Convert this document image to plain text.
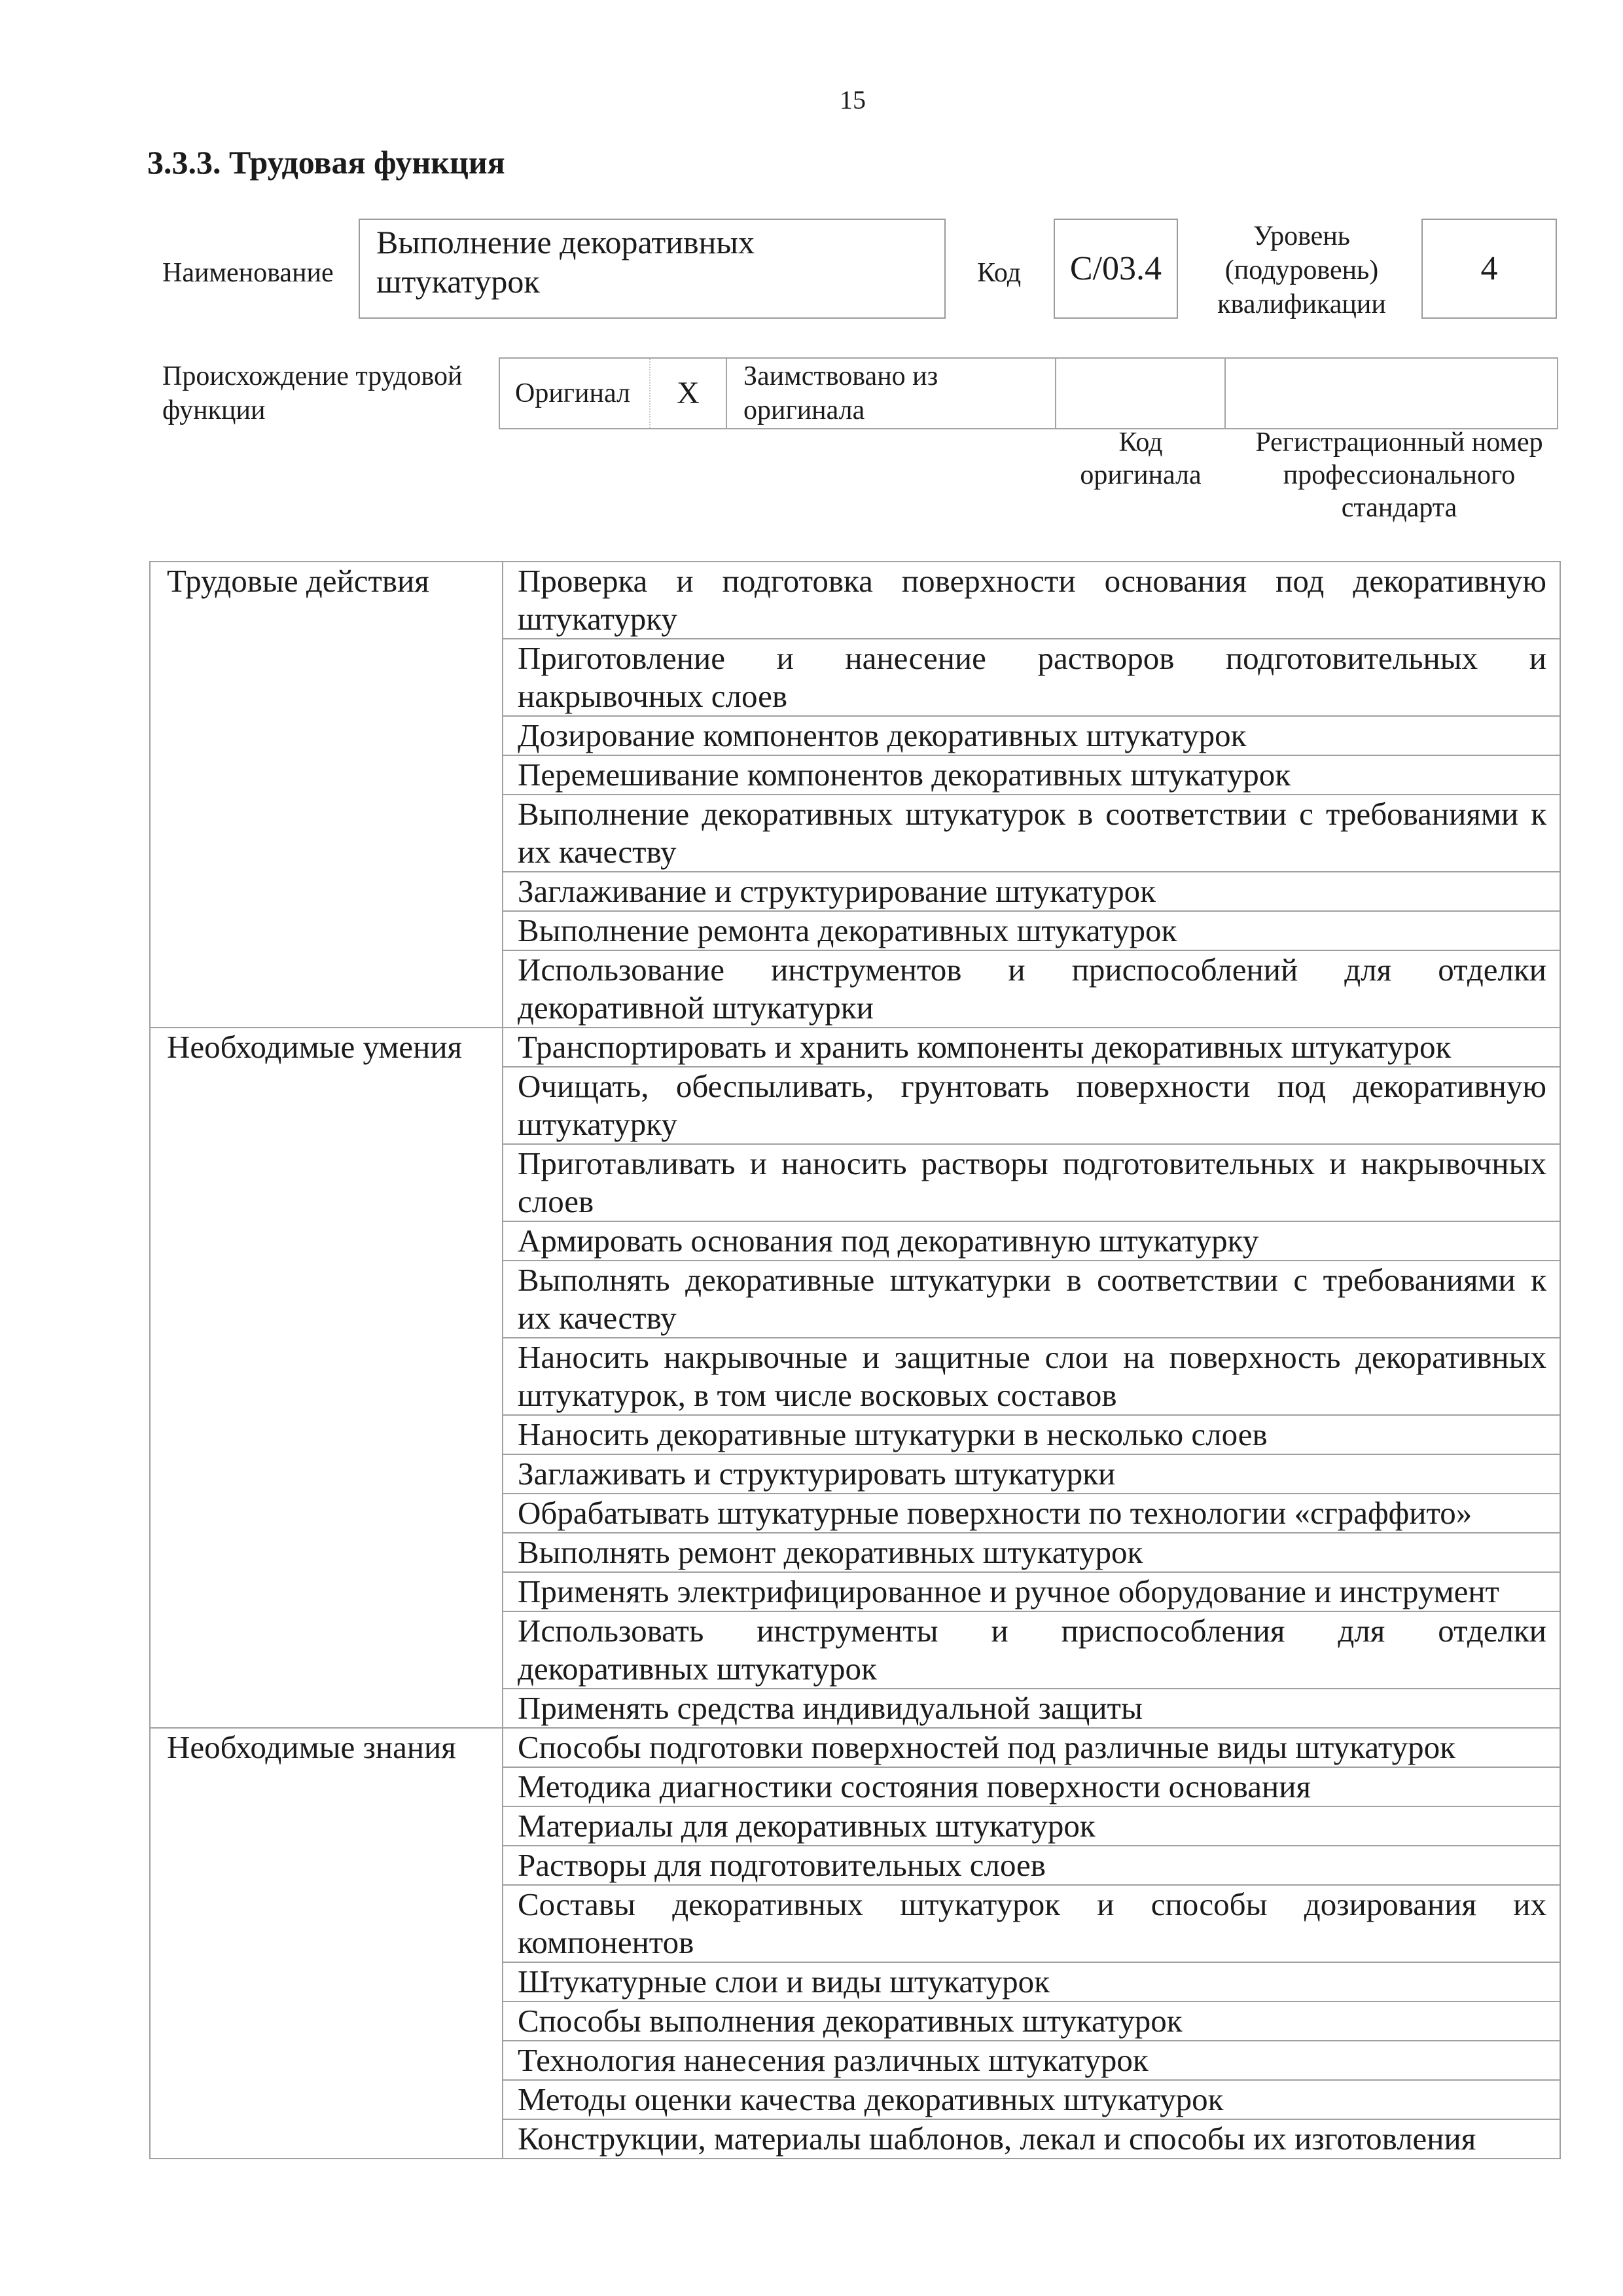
15
3.3.3. Трудовая функция
Наименование
Выполнение декоративных штукатурок	Код C/03.4
Уровень (подуровень) квалификации
4
Происхождение трудовой функции
Оригинал	X	Заимствовано из оригинала

Код оригинала
Регистрационный номер профессионального стандарта
Трудовые действия	Проверка и подготовка поверхности основания под декоративную
штукатурку

	Приготовление и нанесение растворов подготовительных и
накрывочных слоев

	Дозирование компонентов декоративных штукатурок

	Перемешивание компонентов декоративных штукатурок

	Выполнение декоративных штукатурок в соответствии с требованиями к
их качеству

	Заглаживание и структурирование штукатурок

	Выполнение ремонта декоративных штукатурок

	Использование инструментов и приспособлений для отделки
декоративной штукатурки

Необходимые умения	Транспортировать и хранить компоненты декоративных штукатурок

	Очищать, обеспыливать, грунтовать поверхности под декоративную
штукатурку

	Приготавливать и наносить растворы подготовительных и накрывочных
слоев

	Армировать основания под декоративную штукатурку

	Выполнять декоративные штукатурки в соответствии с требованиями к
их качеству

	Наносить накрывочные и защитные слои на поверхность декоративных
штукатурок, в том числе восковых составов

	Наносить декоративные штукатурки в несколько слоев

	Заглаживать и структурировать штукатурки

	Обрабатывать штукатурные поверхности по технологии «сграффито»

	Выполнять ремонт декоративных штукатурок

	Применять электрифицированное и ручное оборудование и инструмент

	Использовать инструменты и приспособления для отделки
декоративных штукатурок

	Применять средства индивидуальной защиты

Необходимые знания	Способы подготовки поверхностей под различные виды штукатурок

	Методика диагностики состояния поверхности основания

	Материалы для декоративных штукатурок

	Растворы для подготовительных слоев

	Составы декоративных штукатурок и способы дозирования их
компонентов

	Штукатурные слои и виды штукатурок

	Способы выполнения декоративных штукатурок

	Технология нанесения различных штукатурок

	Методы оценки качества декоративных штукатурок

	Конструкции, материалы шаблонов, лекал и способы их изготовления
